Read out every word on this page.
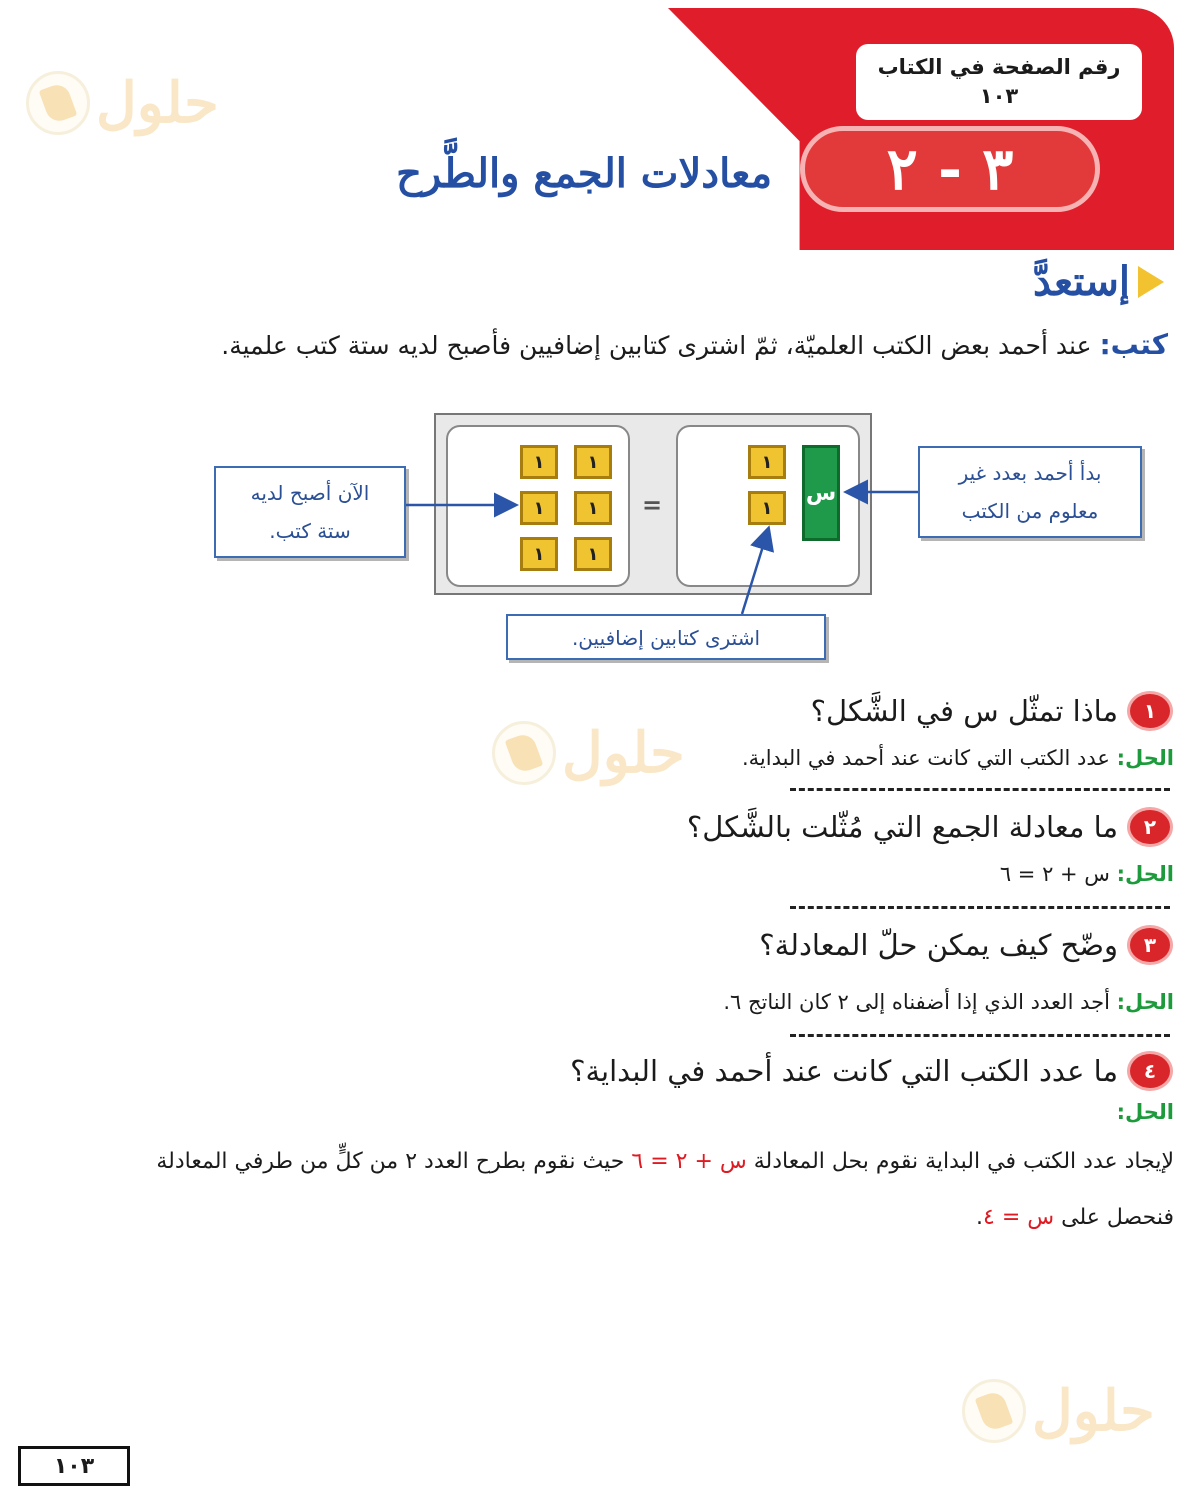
حلول
حلول
حلول
رقم الصفحة في الكتاب
١٠٣
٣ - ٢
معادلات الجمع والطَّرح
إستعدَّ
كتب: عند أحمد بعض الكتب العلميّة، ثمّ اشترى كتابين إضافيين فأصبح لديه ستة كتب علمية.
١
١
١
١
١
١
=	س
١
١
بدأ أحمد بعدد غير
معلوم من الكتب
الآن أصبح لديه
ستة كتب.
اشترى كتابين إضافيين.
١
ماذا تمثّل س في الشَّكل؟
الحل: عدد الكتب التي كانت عند أحمد في البداية.
٢
ما معادلة الجمع التي مُثّلت بالشَّكل؟
الحل: س + ٢ = ٦
٣
وضّح كيف يمكن حلّ المعادلة؟
الحل: أجد العدد الذي إذا أضفناه إلى ٢ كان الناتج ٦.
٤
ما عدد الكتب التي كانت عند أحمد في البداية؟
الحل:
لإيجاد عدد الكتب في البداية نقوم بحل المعادلة س + ٢ = ٦ حيث نقوم بطرح العدد ٢ من كلٍّ من طرفي المعادلة فنحصل على س = ٤.
١٠٣
